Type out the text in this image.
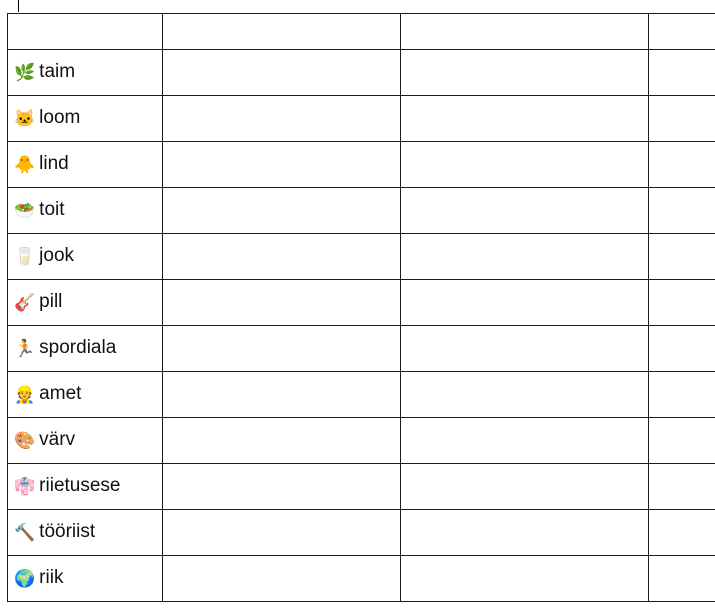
🌿 taim			
🐱 loom			
🐥 lind			
🥗 toit			
🥛 jook			
🎸 pill			
🏃 spordiala			
👷 amet			
🎨 värv			
👘 riietusese			
🔨 tööriist			
🌍 riik			
